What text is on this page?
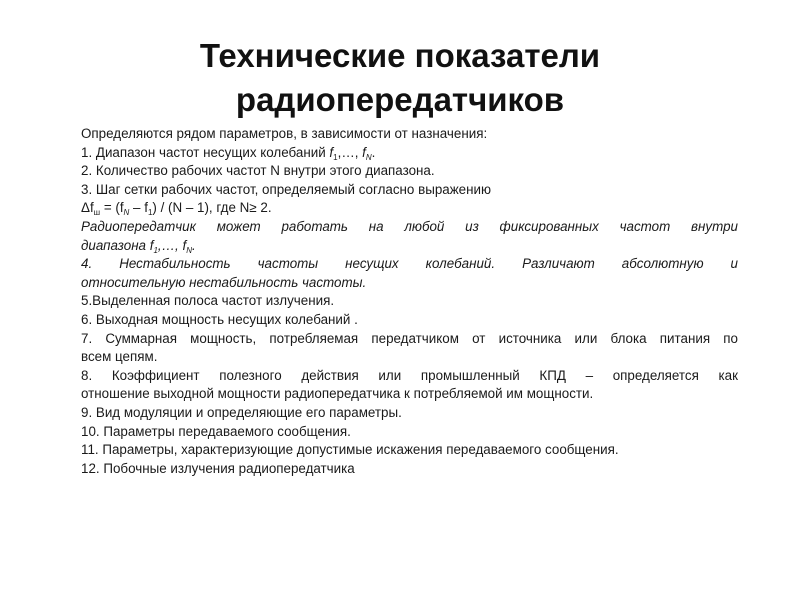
Технические показатели
радиопередатчиков
Определяются рядом параметров, в зависимости от назначения:
1. Диапазон частот несущих колебаний $f_1,\dots$, $f_N$.
2. Количество рабочих частот N внутри этого диапазона.
3. Шаг сетки рабочих частот, определяемый согласно выражению
$\Delta f_ш = (f_N - f_1) / (N - 1)$, где N≥ 2.
Радиопередатчик может работать на любой из фиксированных частот внутри
диапазона $f_1,\dots$, $f_N$.
4. Нестабильность частоты несущих колебаний. Различают абсолютную и
относительную нестабильность частоты.
5.Выделенная полоса частот излучения.
6. Выходная мощность несущих колебаний .
7. Суммарная мощность, потребляемая передатчиком от источника или блока питания по
всем цепям.
8. Коэффициент полезного действия или промышленный КПД – определяется как
отношение выходной мощности радиопередатчика к потребляемой им мощности.
9. Вид модуляции и определяющие его параметры.
10. Параметры передаваемого сообщения.
11. Параметры, характеризующие допустимые искажения передаваемого сообщения.
12. Побочные излучения радиопередатчика
